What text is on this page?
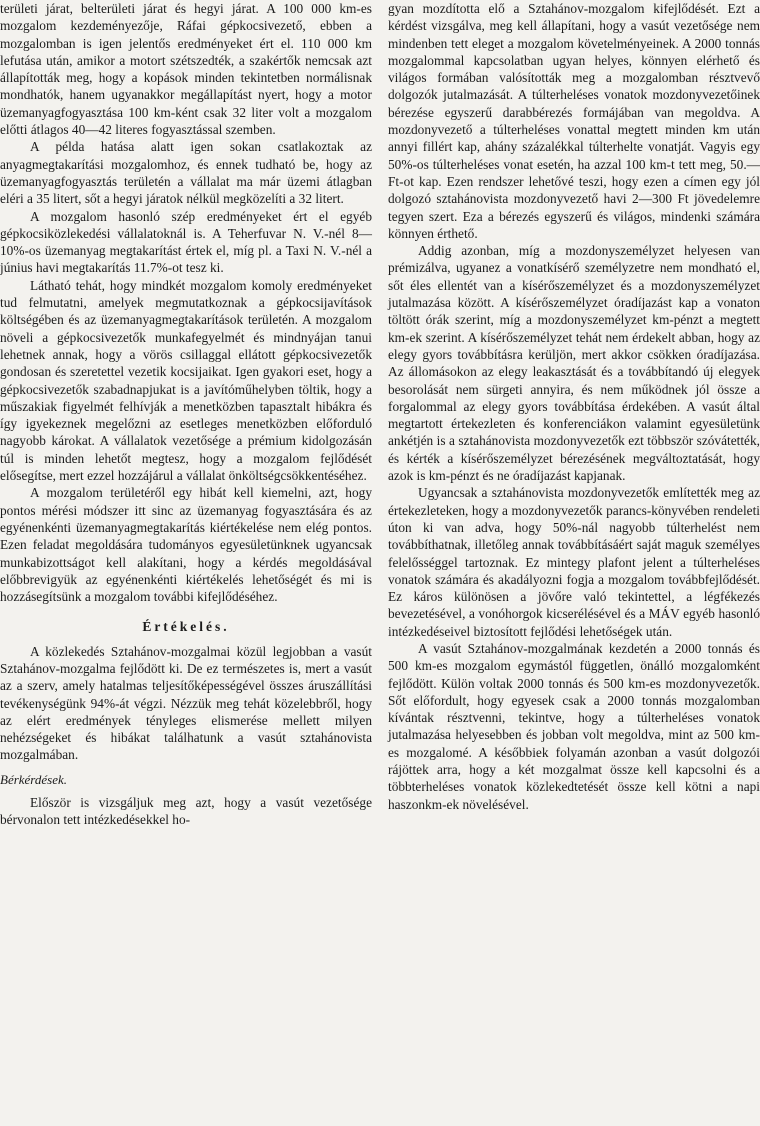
területi járat, belterületi járat és hegyi járat. A 100 000 km-es mozgalom kezdeményezője, Ráfai gépkocsivezető, ebben a mozgalomban is igen jelentős eredményeket ért el. 110 000 km lefutása után, amikor a motort szétszedték, a szakértők nemcsak azt állapították meg, hogy a kopások minden tekintetben normálisnak mondhatók, hanem ugyanakkor megállapítást nyert, hogy a motor üzemanyagfogyasztása 100 km-ként csak 32 liter volt a mozgalom előtti átlagos 40—42 literes fogyasztással szemben.

A példa hatása alatt igen sokan csatlakoztak az anyagmegtakarítási mozgalomhoz, és ennek tudható be, hogy az üzemanyagfogyasztás területén a vállalat ma már üzemi átlagban eléri a 35 litert, sőt a hegyi járatok nélkül megközelíti a 32 litert.

A mozgalom hasonló szép eredményeket ért el egyéb gépkocsiközlekedési vállalatoknál is. A Teherfuvar N. V.-nél 8—10%-os üzemanyag megtakarítást értek el, míg pl. a Taxi N. V.-nél a június havi megtakarítás 11.7%-ot tesz ki.

Látható tehát, hogy mindkét mozgalom komoly eredményeket tud felmutatni, amelyek megmutatkoznak a gépkocsijavítások költségében és az üzemanyagmegtakarítások területén. A mozgalom növeli a gépkocsivezetők munkafegyelmét és mindnyájan tanui lehetnek annak, hogy a vörös csillaggal ellátott gépkocsivezetők gondosan és szeretettel vezetik kocsijaikat. Igen gyakori eset, hogy a gépkocsivezetők szabadnapjukat is a javítóműhelyben töltik, hogy a műszakiak figyelmét felhívják a menetközben tapasztalt hibákra és így igyekeznek megelőzni az esetleges menetközben előforduló nagyobb károkat. A vállalatok vezetősége a prémium kidolgozásán túl is minden lehetőt megtesz, hogy a mozgalom fejlődését elősegítse, mert ezzel hozzájárul a vállalat önköltségcsökkentéséhez.

A mozgalom területéről egy hibát kell kiemelni, azt, hogy pontos mérési módszer itt sinc az üzemanyag fogyasztására és az egyénenkénti üzemanyagmegtakarítás kiértékelése nem elég pontos. Ezen feladat megoldására tudományos egyesületünknek ugyancsak munkabizottságot kell alakítani, hogy a kérdés megoldásával előbbrevigyük az egyénenkénti kiértékelés lehetőségét és mi is hozzásegítsünk a mozgalom további kifejlődéséhez.

Értékelés.

A közlekedés Sztahánov-mozgalmai közül legjobban a vasút Sztahánov-mozgalma fejlődött ki. De ez természetes is, mert a vasút az a szerv, amely hatalmas teljesítőképességével összes áruszállítási tevékenységünk 94%-át végzi. Nézzük meg tehát közelebbről, hogy az elért eredmények tényleges elismerése mellett milyen nehézségeket és hibákat találhatunk a vasút sztahánovista mozgalmában.

Bérkérdések.

Először is vizsgáljuk meg azt, hogy a vasút vezetősége bérvonalon tett intézkedésekkel ho-

gyan mozdította elő a Sztahánov-mozgalom kifejlődését. Ezt a kérdést vizsgálva, meg kell állapítani, hogy a vasút vezetősége nem mindenben tett eleget a mozgalom követelményeinek. A 2000 tonnás mozgalommal kapcsolatban ugyan helyes, könnyen elérhető és világos formában valósították meg a mozgalomban résztvevő dolgozók jutalmazását. A túlterheléses vonatok mozdonyvezetőinek bérezése egyszerű darabbérezés formájában van megoldva. A mozdonyvezető a túlterheléses vonattal megtett minden km után annyi fillért kap, ahány százalékkal túlterhelte vonatját. Vagyis egy 50%-os túlterheléses vonat esetén, ha azzal 100 km-t tett meg, 50.— Ft-ot kap. Ezen rendszer lehetővé teszi, hogy ezen a címen egy jól dolgozó sztahánovista mozdonyvezető havi 2—300 Ft jövedelemre tegyen szert. Eza a bérezés egyszerű és világos, mindenki számára könnyen érthető.

Addig azonban, míg a mozdonyszemélyzet helyesen van prémizálva, ugyanez a vonatkísérő személyzetre nem mondható el, sőt éles ellentét van a kísérőszemélyzet és a mozdonyszemélyzet jutalmazása között. A kísérőszemélyzet óradíjazást kap a vonaton töltött órák szerint, míg a mozdonyszemélyzet km-pénzt a megtett km-ek szerint. A kísérőszemélyzet tehát nem érdekelt abban, hogy az elegy gyors továbbításra kerüljön, mert akkor csökken óradíjazása. Az állomásokon az elegy leakasztását és a továbbítandó új elegyek besorolását nem sürgeti annyira, és nem működnek jól össze a forgalommal az elegy gyors továbbítása érdekében. A vasút által megtartott értekezleten és konferenciákon valamint egyesületünk ankétjén is a sztahánovista mozdonyvezetők ezt többször szóvátették, és kérték a kísérőszemélyzet bérezésének megváltoztatását, hogy azok is km-pénzt és ne óradíjazást kapjanak.

Ugyancsak a sztahánovista mozdonyvezetők említették meg az értekezleteken, hogy a mozdonyvezetők parancs-könyvében rendeleti úton ki van adva, hogy 50%-nál nagyobb túlterhelést nem továbbíthatnak, illetőleg annak továbbításáért saját maguk személyes felelősséggel tartoznak. Ez mintegy plafont jelent a túlterheléses vonatok számára és akadályozni fogja a mozgalom továbbfejlődését. Ez káros különösen a jövőre való tekintettel, a légfékezés bevezetésével, a vonóhorgok kicserélésével és a MÁV egyéb hasonló intézkedéseivel biztosított fejlődési lehetőségek után.

A vasút Sztahánov-mozgalmának kezdetén a 2000 tonnás és 500 km-es mozgalom egymástól független, önálló mozgalomként fejlődött. Külön voltak 2000 tonnás és 500 km-es mozdonyvezetők. Sőt előfordult, hogy egyesek csak a 2000 tonnás mozgalomban kívántak résztvenni, tekintve, hogy a túlterheléses vonatok jutalmazása helyesebben és jobban volt megoldva, mint az 500 km-es mozgalomé. A későbbiek folyamán azonban a vasút dolgozói rájöttek arra, hogy a két mozgalmat össze kell kapcsolni és a többterheléses vonatok közlekedtetését össze kell kötni a napi haszonkm-ek növelésével.
